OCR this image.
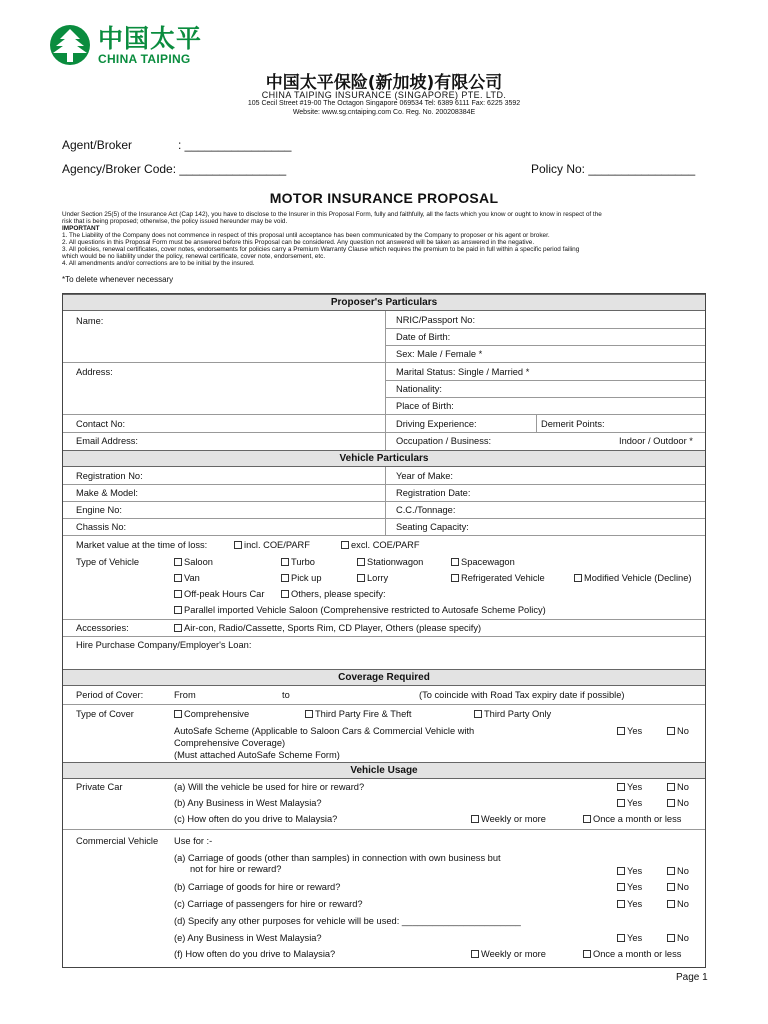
中国太平
CHINA TAIPING
中国太平保险(新加坡)有限公司
CHINA TAIPING INSURANCE (SINGAPORE) PTE. LTD.
105 Cecil Street #19-00 The Octagon Singapore 069534 Tel: 6389 6111 Fax: 6225 3592
Website: www.sg.cntaiping.com Co. Reg. No. 200208384E
Agent/Broker	: ________________
Agency/Broker Code: ________________	Policy No: ________________
MOTOR INSURANCE PROPOSAL
Under Section 25(5) of the Insurance Act (Cap 142), you have to disclose to the Insurer in this Proposal Form, fully and faithfully, all the facts which you know or ought to know in respect of the
risk that is being proposed; otherwise, the policy issued hereunder may be void.
IMPORTANT
1. The Liability of the Company does not commence in respect of this proposal until acceptance has been communicated by the Company to proposer or his agent or broker.
2. All questions in this Proposal Form must be answered before this Proposal can be considered. Any question not answered will be taken as answered in the negative.
3. All policies, renewal certificates, cover notes, endorsements for policies carry a Premium Warranty Clause which requires the premium to be paid in full within a specific period failing
which would be no liability under the policy, renewal certificate, cover note, endorsement, etc.
4. All amendments and/or corrections are to be initial by the insured.
*To delete whenever necessary
Proposer's Particulars
Name:	NRIC/Passport No:
Date of Birth:
Sex: Male / Female *
Address:	Marital Status: Single / Married *
Nationality:
Place of Birth:
Contact No:	Driving Experience:	Demerit Points:
Email Address:	Occupation / Business:	Indoor / Outdoor *
Vehicle Particulars
Registration No:	Year of Make:
Make & Model:	Registration Date:
Engine No:	C.C./Tonnage:
Chassis No:	Seating Capacity:
Market value at the time of loss:	incl. COE/PARF	excl. COE/PARF
Type of Vehicle	Saloon	Turbo	Stationwagon	Spacewagon
Van	Pick up	Lorry	Refrigerated Vehicle	Modified Vehicle (Decline)
Off-peak Hours Car	Others, please specify:
Parallel imported Vehicle Saloon (Comprehensive restricted to Autosafe Scheme Policy)
Accessories:	Air-con, Radio/Cassette, Sports Rim, CD Player, Others (please specify)
Hire Purchase Company/Employer's Loan:
Coverage Required
Period of Cover:	From	to	(To coincide with Road Tax expiry date if possible)
Type of Cover	Comprehensive	Third Party Fire & Theft	Third Party Only
AutoSafe Scheme (Applicable to Saloon Cars & Commercial Vehicle with
Comprehensive Coverage)
(Must attached AutoSafe Scheme Form)
Yes	No
Vehicle Usage
Private Car	(a) Will the vehicle be used for hire or reward?	Yes	No
(b) Any Business in West Malaysia?	Yes	No
(c) How often do you drive to Malaysia?	Weekly or more	Once a month or less
Commercial Vehicle Use for :-
(a) Carriage of goods (other than samples) in connection with own business but
not for hire or reward?	Yes	No
(b) Carriage of goods for hire or reward?	Yes	No
(c) Carriage of passengers for hire or reward?	Yes	No
(d) Specify any other purposes for vehicle will be used: _______________________
(e) Any Business in West Malaysia?	Yes	No
(f) How often do you drive to Malaysia?	Weekly or more	Once a month or less
Page 1
